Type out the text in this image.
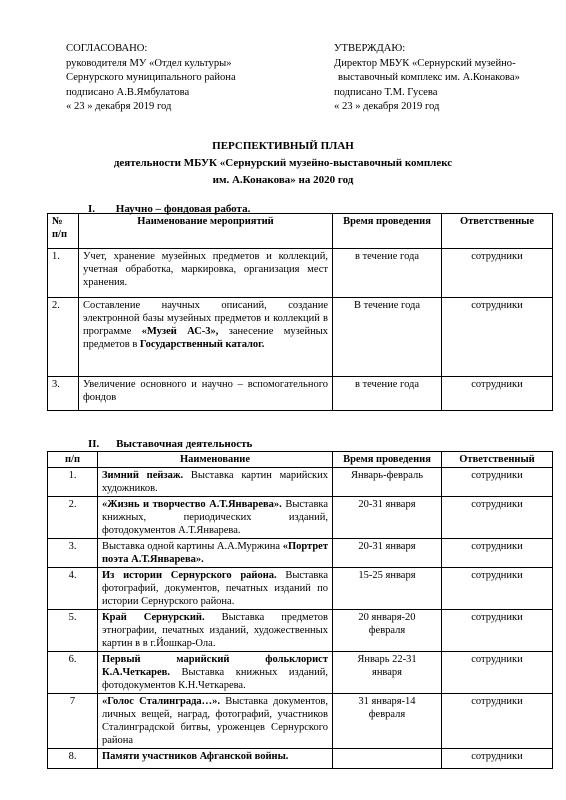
СОГЛАСОВАНО:
руководителя МУ «Отдел культуры»
Сернурского муниципального района
подписано А.В.Ямбулатова
« 23 » декабря 2019 год
УТВЕРЖДАЮ:
Директор МБУК «Сернурский музейно-
выставочный комплекс им. А.Конакова»
подписано Т.М. Гусева
« 23 » декабря 2019 год
ПЕРСПЕКТИВНЫЙ ПЛАН
деятельности МБУК «Сернурский музейно-выставочный комплекс
им. А.Конакова» на 2020 год
I. Научно – фондовая работа.
№ п/п	Наименование мероприятий	Время проведения	Ответственные
1.	Учет, хранение музейных предметов и коллекций, учетная обработка, маркировка, организация мест хранения.	в течение года	сотрудники
2.	Составление научных описаний, создание электронной базы музейных предметов и коллекций в программе «Музей АС-3», занесение музейных предметов в Государственный каталог.	В течение года	сотрудники
3.	Увеличение основного и научно – вспомогательного фондов	в течение года	сотрудники
II. Выставочная деятельность
п/п	Наименование	Время проведения	Ответственный
1.	Зимний пейзаж. Выставка картин марийских художников.	Январь-февраль	сотрудники
2.	«Жизнь и творчество А.Т.Январева». Выставка книжных, периодических изданий, фотодокументов А.Т.Январева.	20-31 января	сотрудники
3.	Выставка одной картины А.А.Муржина «Портрет поэта А.Т.Январева».	20-31 января	сотрудники
4.	Из истории Сернурского района. Выставка фотографий, документов, печатных изданий по истории Сернурского района.	15-25 января	сотрудники
5.	Край Сернурский. Выставка предметов этнографии, печатных изданий, художественных картин в в г.Йошкар-Ола.	20 января-20 февраля	сотрудники
6.	Первый марийский фольклорист К.А.Четкарев. Выставка книжных изданий, фотодокументов К.Н.Четкарева.	Январь 22-31 января	сотрудники
7	«Голос Сталинграда…». Выставка документов, личных вещей, наград, фотографий, участников Сталинградской битвы, уроженцев Сернурского района	31 января-14 февраля	сотрудники
8.	Памяти участников Афганской войны.		сотрудники
